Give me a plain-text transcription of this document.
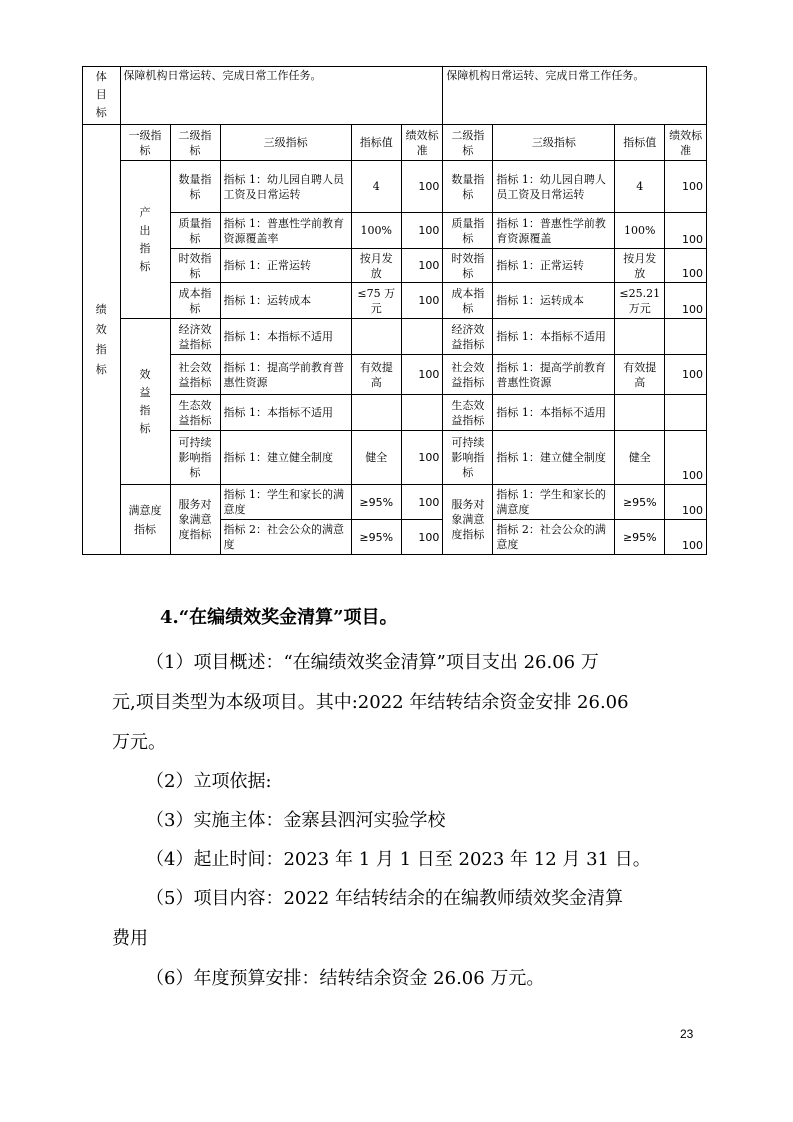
体目标	保障机构日常运转、完成日常工作任务。					保障机构日常运转、完成日常工作任务。			

绩效指标	一级指标	二级指标	三级指标	指标值	绩效标准	二级指标	三级指标	指标值	绩效标准

	产出指标	数量指标	指标 1：幼儿园自聘人员工资及日常运转	4	100	数量指标	指标 1：幼儿园自聘人员工资及日常运转	4	100
		质量指标	指标 1：普惠性学前教育资源覆盖率	100%	100	质量指标	指标 1：普惠性学前教育资源覆盖	100%	100
		时效指标	指标 1：正常运转	按月发放	100	时效指标	指标 1：正常运转	按月发放	100
		成本指标	指标 1：运转成本	≤75 万元	100	成本指标	指标 1：运转成本	≤25.21 万元	100

	效益指标	经济效益指标	指标 1：本指标不适用			经济效益指标	指标 1：本指标不适用		
		社会效益指标	指标 1：提高学前教育普惠性资源	有效提高	100	社会效益指标	指标 1：提高学前教育普惠性资源	有效提高	100
		生态效益指标	指标 1：本指标不适用			生态效益指标	指标 1：本指标不适用		
		可持续影响指标	指标 1：建立健全制度	健全	100	可持续影响指标	指标 1：建立健全制度	健全	100

	满意度指标	服务对象满意度指标	指标 1：学生和家长的满意度	≥95%	100	服务对象满意度指标	指标 1：学生和家长的满意度	≥95%	100
			指标 2：社会公众的满意度	≥95%	100		指标 2：社会公众的满意度	≥95%	100
4.“在编绩效奖金清算”项目。
（1）项目概述：“在编绩效奖金清算”项目支出 26.06 万
元,项目类型为本级项目。其中:2022 年结转结余资金安排 26.06
万元。
（2）立项依据:
（3）实施主体：金寨县泗河实验学校
（4）起止时间：2023 年 1 月 1 日至 2023 年 12 月 31 日。
（5）项目内容：2022 年结转结余的在编教师绩效奖金清算
费用
（6）年度预算安排：结转结余资金 26.06 万元。
23
